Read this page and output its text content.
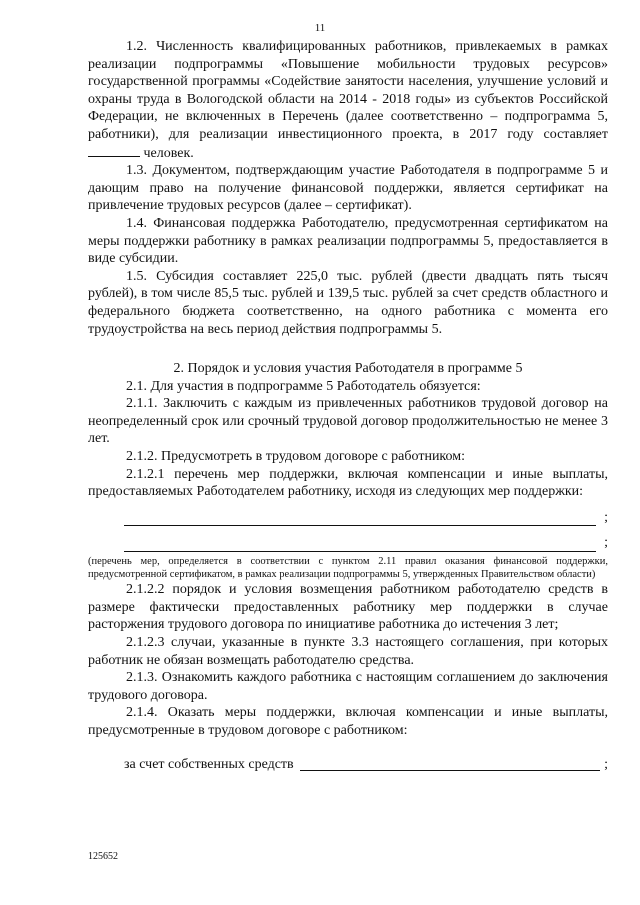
11

1.2. Численность квалифицированных работников, привлекаемых в рамках реализации подпрограммы «Повышение мобильности трудовых ресурсов» государственной программы «Содействие занятости населения, улучшение условий и охраны труда в Вологодской области на 2014 - 2018 годы» из субъектов Российской Федерации, не включенных в Перечень (далее соответственно – подпрограмма 5, работники), для реализации инвестиционного проекта, в 2017 году составляет  человек.

1.3. Документом, подтверждающим участие Работодателя в подпрограмме 5 и дающим право на получение финансовой поддержки, является сертификат на привлечение трудовых ресурсов (далее – сертификат).

1.4. Финансовая поддержка Работодателю, предусмотренная сертификатом на меры поддержки работнику в рамках реализации подпрограммы 5, предоставляется в виде субсидии.

1.5. Субсидия составляет 225,0 тыс. рублей (двести двадцать пять тысяч рублей), в том числе 85,5 тыс. рублей и 139,5 тыс. рублей за счет средств областного и федерального бюджета соответственно, на одного работника с момента его трудоустройства на весь период действия подпрограммы 5.

2. Порядок и условия участия Работодателя в программе 5

2.1. Для участия в подпрограмме 5 Работодатель обязуется:

2.1.1. Заключить с каждым из привлеченных работников трудовой договор на неопределенный срок или срочный трудовой договор продолжительностью не менее 3 лет.

2.1.2. Предусмотреть в трудовом договоре с работником:

2.1.2.1 перечень мер поддержки, включая компенсации и иные выплаты, предоставляемых Работодателем работнику, исходя из следующих мер поддержки:

;
;

(перечень мер, определяется в соответствии с пунктом 2.11 правил оказания финансовой поддержки, предусмотренной сертификатом, в рамках реализации подпрограммы 5, утвержденных Правительством области)

2.1.2.2 порядок и условия возмещения работником работодателю средств в размере фактически предоставленных работнику мер поддержки в случае расторжения трудового договора по инициативе работника до истечения 3 лет;

2.1.2.3 случаи, указанные в пункте 3.3 настоящего соглашения, при которых работник не обязан возмещать работодателю средства.

2.1.3. Ознакомить каждого работника с настоящим соглашением до заключения трудового договора.

2.1.4. Оказать меры поддержки, включая компенсации и иные выплаты, предусмотренные в трудовом договоре с работником:

за счет собственных средств	;
125652
